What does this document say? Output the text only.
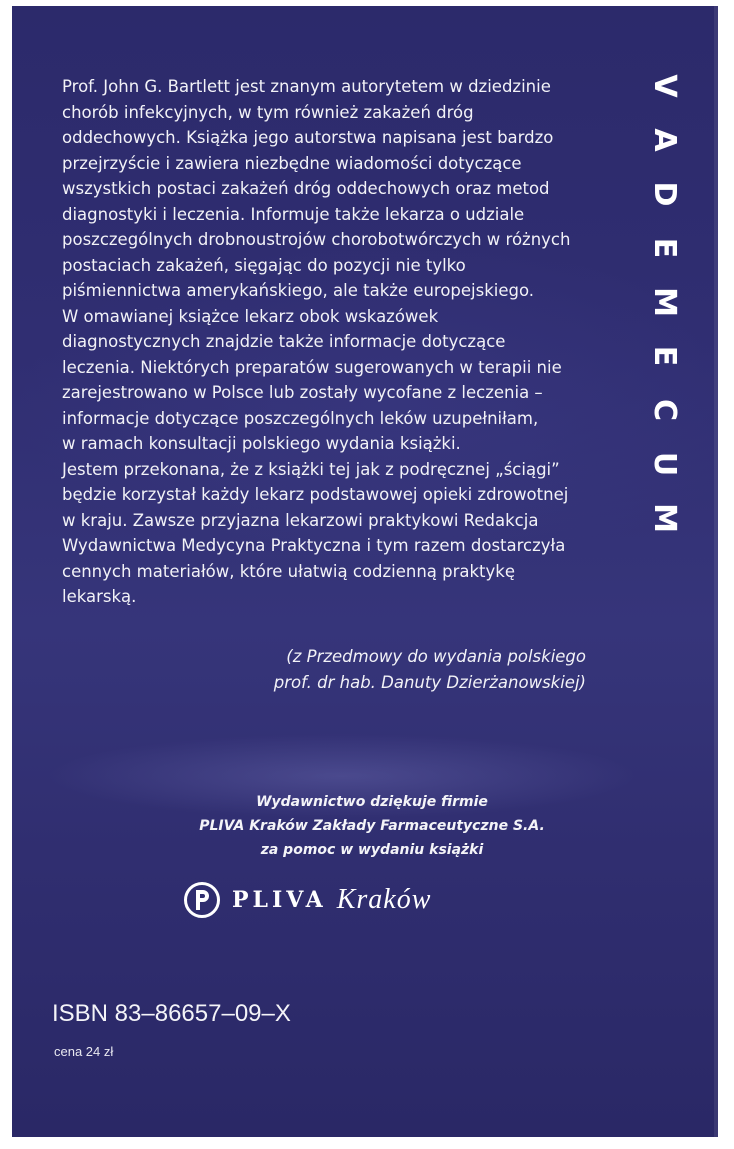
Prof. John G. Bartlett jest znanym autorytetem w dziedzinie
chorób infekcyjnych, w tym również zakażeń dróg
oddechowych. Książka jego autorstwa napisana jest bardzo
przejrzyście i zawiera niezbędne wiadomości dotyczące
wszystkich postaci zakażeń dróg oddechowych oraz metod
diagnostyki i leczenia. Informuje także lekarza o udziale
poszczególnych drobnoustrojów chorobotwórczych w różnych
postaciach zakażeń, sięgając do pozycji nie tylko
piśmiennictwa amerykańskiego, ale także europejskiego.
W omawianej książce lekarz obok wskazówek
diagnostycznych znajdzie także informacje dotyczące
leczenia. Niektórych preparatów sugerowanych w terapii nie
zarejestrowano w Polsce lub zostały wycofane z leczenia –
informacje dotyczące poszczególnych leków uzupełniłam,
w ramach konsultacji polskiego wydania książki.
Jestem przekonana, że z książki tej jak z podręcznej „ściągi”
będzie korzystał każdy lekarz podstawowej opieki zdrowotnej
w kraju. Zawsze przyjazna lekarzowi praktykowi Redakcja
Wydawnictwa Medycyna Praktyczna i tym razem dostarczyła
cennych materiałów, które ułatwią codzienną praktykę
lekarską.
(z Przedmowy do wydania polskiego
prof. dr hab. Danuty Dzierżanowskiej)
Wydawnictwo dziękuje firmie
PLIVA Kraków Zakłady Farmaceutyczne S.A.
za pomoc w wydaniu książki
PLIVA Kraków
ISBN 83–86657–09–X
cena 24 zł
V
A
D
E
M
E
C
U
M
